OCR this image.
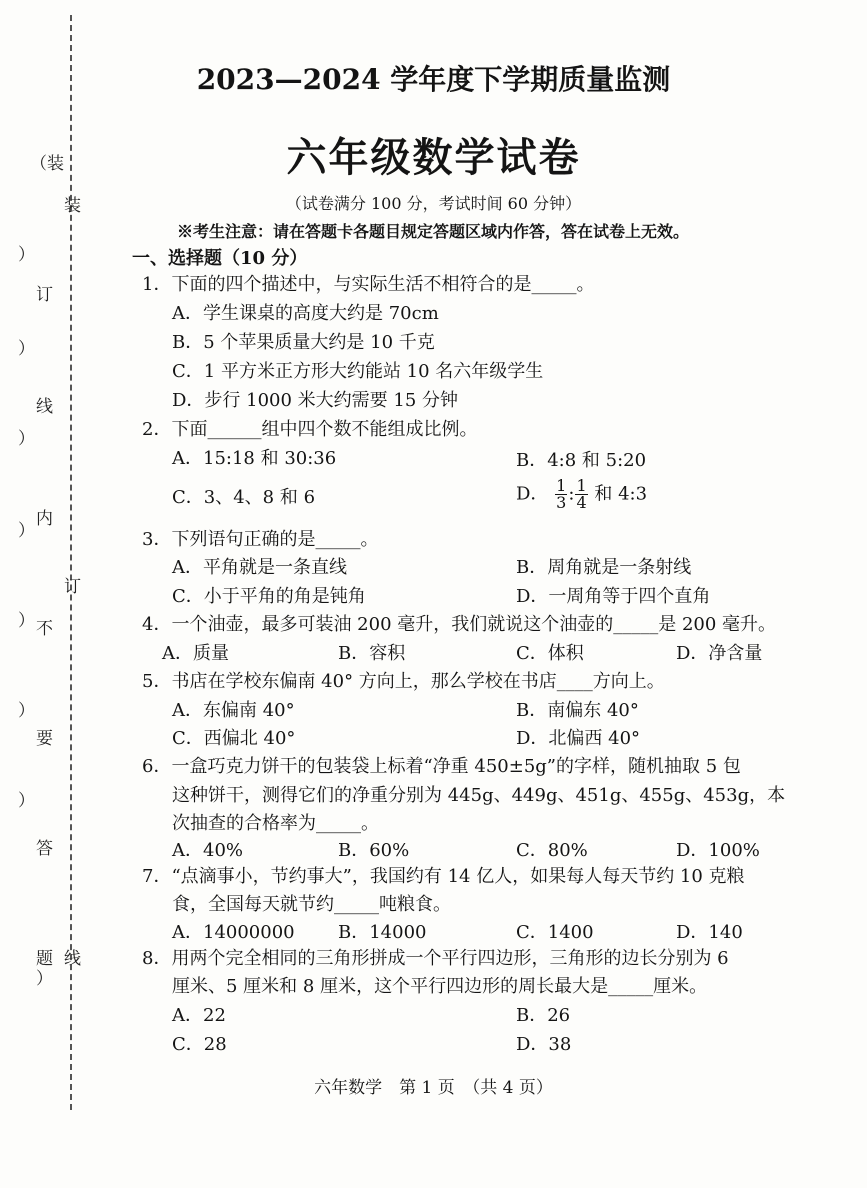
（装
）
订
）
线
）
内
）
不
）
要
）
答
）
题
）
装
订
线
2023—2024 学年度下学期质量监测
六年级数学试卷
（试卷满分 100 分，考试时间 60 分钟）
※考生注意：请在答题卡各题目规定答题区域内作答，答在试卷上无效。
一、选择题（10 分）
1．下面的四个描述中，与实际生活不相符合的是_____。
A．学生课桌的高度大约是 70cm
B．5 个苹果质量大约是 10 千克
C．1 平方米正方形大约能站 10 名六年级学生
D．步行 1000 米大约需要 15 分钟
2．下面______组中四个数不能组成比例。
A．15:18 和 30:36	B．4:8 和 5:20
C．3、4、8 和 6	D． $\frac{1}{3}$ : $\frac{1}{4}$ 和 4:3
3．下列语句正确的是_____。
A．平角就是一条直线	B．周角就是一条射线
C．小于平角的角是钝角	D．一周角等于四个直角
4．一个油壶，最多可装油 200 毫升，我们就说这个油壶的_____是 200 毫升。
A．质量	B．容积	C．体积	D．净含量
5．书店在学校东偏南 40° 方向上，那么学校在书店____方向上。
A．东偏南 40°	B．南偏东 40°
C．西偏北 40°	D．北偏西 40°
6．一盒巧克力饼干的包装袋上标着“净重 450±5g”的字样，随机抽取 5 包
这种饼干，测得它们的净重分别为 445g、449g、451g、455g、453g，本
次抽查的合格率为_____。
A．40%	B．60%	C．80%	D．100%
7．“点滴事小，节约事大”，我国约有 14 亿人，如果每人每天节约 10 克粮
食，全国每天就节约_____吨粮食。
A．14000000 B．14000	C．1400	D．140
8．用两个完全相同的三角形拼成一个平行四边形，三角形的边长分别为 6
厘米、5 厘米和 8 厘米，这个平行四边形的周长最大是_____厘米。
A．22	B．26
C．28	D．38
六年数学　第 1 页　（共 4 页）
